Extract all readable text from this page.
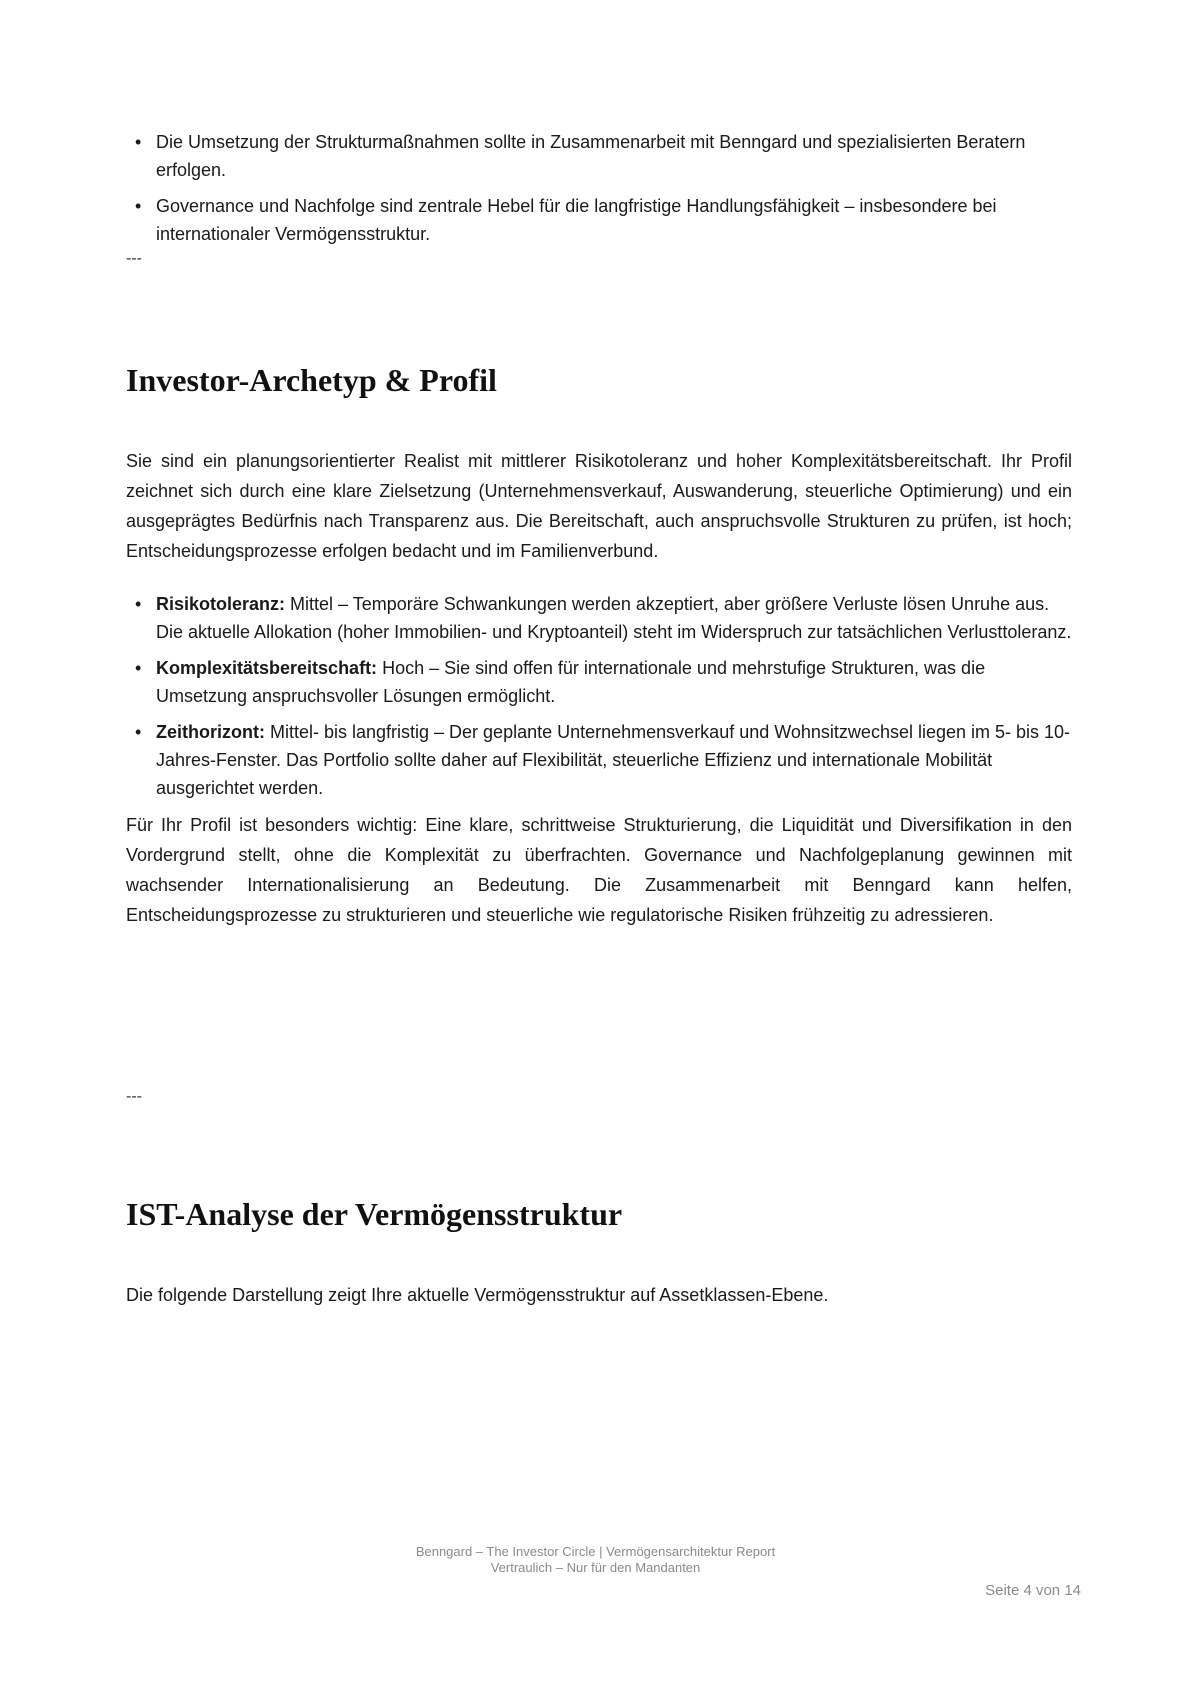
• Die Umsetzung der Strukturmaßnahmen sollte in Zusammenarbeit mit Benngard und spezialisierten Beratern erfolgen.
• Governance und Nachfolge sind zentrale Hebel für die langfristige Handlungsfähigkeit – insbesondere bei internationaler Vermögensstruktur.
---
Investor-Archetyp & Profil

Sie sind ein planungsorientierter Realist mit mittlerer Risikotoleranz und hoher Komplexitätsbereitschaft. Ihr Profil zeichnet sich durch eine klare Zielsetzung (Unternehmensverkauf, Auswanderung, steuerliche Optimierung) und ein ausgeprägtes Bedürfnis nach Transparenz aus. Die Bereitschaft, auch anspruchsvolle Strukturen zu prüfen, ist hoch; Entscheidungsprozesse erfolgen bedacht und im Familienverbund.

• Risikotoleranz: Mittel – Temporäre Schwankungen werden akzeptiert, aber größere Verluste lösen Unruhe aus. Die aktuelle Allokation (hoher Immobilien- und Kryptoanteil) steht im Widerspruch zur tatsächlichen Verlusttoleranz.
• Komplexitätsbereitschaft: Hoch – Sie sind offen für internationale und mehrstufige Strukturen, was die Umsetzung anspruchsvoller Lösungen ermöglicht.
• Zeithorizont: Mittel- bis langfristig – Der geplante Unternehmensverkauf und Wohnsitzwechsel liegen im 5- bis 10-Jahres-Fenster. Das Portfolio sollte daher auf Flexibilität, steuerliche Effizienz und internationale Mobilität ausgerichtet werden.

Für Ihr Profil ist besonders wichtig: Eine klare, schrittweise Strukturierung, die Liquidität und Diversifikation in den Vordergrund stellt, ohne die Komplexität zu überfrachten. Governance und Nachfolgeplanung gewinnen mit wachsender Internationalisierung an Bedeutung. Die Zusammenarbeit mit Benngard kann helfen, Entscheidungsprozesse zu strukturieren und steuerliche wie regulatorische Risiken frühzeitig zu adressieren.

---
IST-Analyse der Vermögensstruktur

Die folgende Darstellung zeigt Ihre aktuelle Vermögensstruktur auf Assetklassen-Ebene.

Benngard – The Investor Circle | Vermögensarchitektur Report
Vertraulich – Nur für den Mandanten
Seite 4 von 14
